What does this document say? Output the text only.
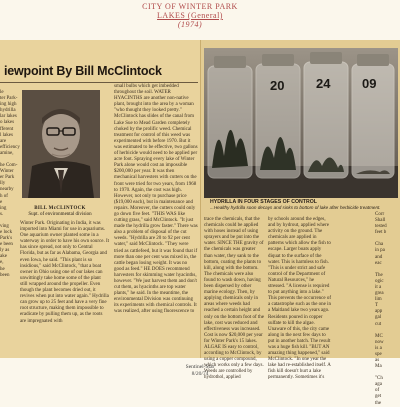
CITY OF WINTER PARK
LAKES (General)
(1974)
iewpoint By Bill McClintock
le
ter Park-
ing high
hydrilla
lar lakes
o lakes
fferent
l lakes
are
efficiency
amine,
he Com-
Winter
er Park
lly
nearby
h of
e
ing
s.
ving
e lock
Park's
e been
ly as
ake
e,
he
been
BILL McCLINTOCK
Supt. of environmental division

Winter Park. Originating in India, it was imported into Miami for use in aquariums. One aquarium owner planted some in a waterway in order to have his own source. It has since spread, not only to Central Florida, but as far as Alabama, Georgia and even Iowa, he said. "This plant is so insidious," said McClintock, "that a boat owner in Ohio using one of our lakes can unwittingly take home some of the plant still wrapped around the propeller. Even though the plant becomes dried out, it revives when put into water again." Hydrilla can grow up to 25 feet and have a very fine root structure, making them impossible to eradicate by pulling them up, as the roots are impregnated with

small bulbs which get imbedded throughout the soil. WATER HYACINTHS are another non-native plant, brought into the area by a woman "who thought they looked pretty." McClintock has slides of the canal from Lake Sue to Mead Garden completely choked by the prolific weed. Chemical treatment for control of this weed was experimented with before 1970. But it was estimated to be effective, two gallons of herbicide would need to be applied per acre foot. Spraying every lake of Winter Park alone would cost an impossible $200,000 per year. It was then mechanical harvesters with cutters on the front were tried for two years, from 1968 to 1970. Again, the cost was high. However, not only to purchase price ($19,000 each), but in maintenance and repairs. Moreover, the cutters could only go down five feet. "THIS WAS like cutting grass," said McClintock. "It just made the hydrilla grow faster." There was also a problem of disposal of the cut weeds. "Hydrilla are 20 to 92 per cent water," said McClintock. "They were tried as cattlefeed, but it was found that if more than one per cent was mixed in, the cattle began losing weight. It was no good as feed." HE DOES recommend harvesters for skimming water hyacinths, however. "We just harvest them and don't cut them, as hyacinths are top water plants," he said. In the meantime, the environmental Division was continuing its experiments with chemical controls. It was realized, after using fluorescence to

20 24 09
HYDRILLA IN FOUR STAGES OF CONTROL
...Healthy hydrilla soon decays and sinks to bottom of lake after herbicide treatment.

trace the chemicals, that the chemicals could be applied with hoses instead of using sprayers and be put into the water. SINCE THE gravity of the chemicals was greater than water, they sank to the bottom, coating the plants to kill, along with the bottom. The chemicals were also found to wash down, having been dispersed by other marine ecology. Then, by applying chemicals only in areas where weeds had reached a certain height and only on the bottom foot of the lake, cost was reduced and effectiveness was increased. Cost is now $20,000 per year for Winter Park's 15 lakes. ALGAE IS easy to control, according to McClintock, by using a copper compound, which works only a few days. Weeds are controlled by hydrothol, applied

by schools around the edges, and by hydrout, applied where activity on the ground. The chemicals are applied in patterns which allow the fish to escape. Larger boats apply diquat to the surface of the water. This is harmless to fish. "This is under strict and safe control of the Department of Natural Resources," he stressed. "A license is required to put anything into a lake." This prevents the occurrence of a catastrophe such as the one in a Maitland lake two years ago. Residents poured in copper sulfate to kill the algae. Unaware of this, the city came along in the next few days to put in another batch. The result was a huge fish kill. "BUT AN amazing thing happened," said McClintock. "In one year the lake had re-established itself. A fish kill doesn't hurt a lake permanently. Sometimes it's

Corr
Shall
tested
feet b
Cha
in pa
and
eac
The
ogic
it a
grea
lim
T
app
gal
cut
MC
now
is a
spe
as
Ma
"Ch
aga
of
get
the
Sentinel-Star
8/20/74
